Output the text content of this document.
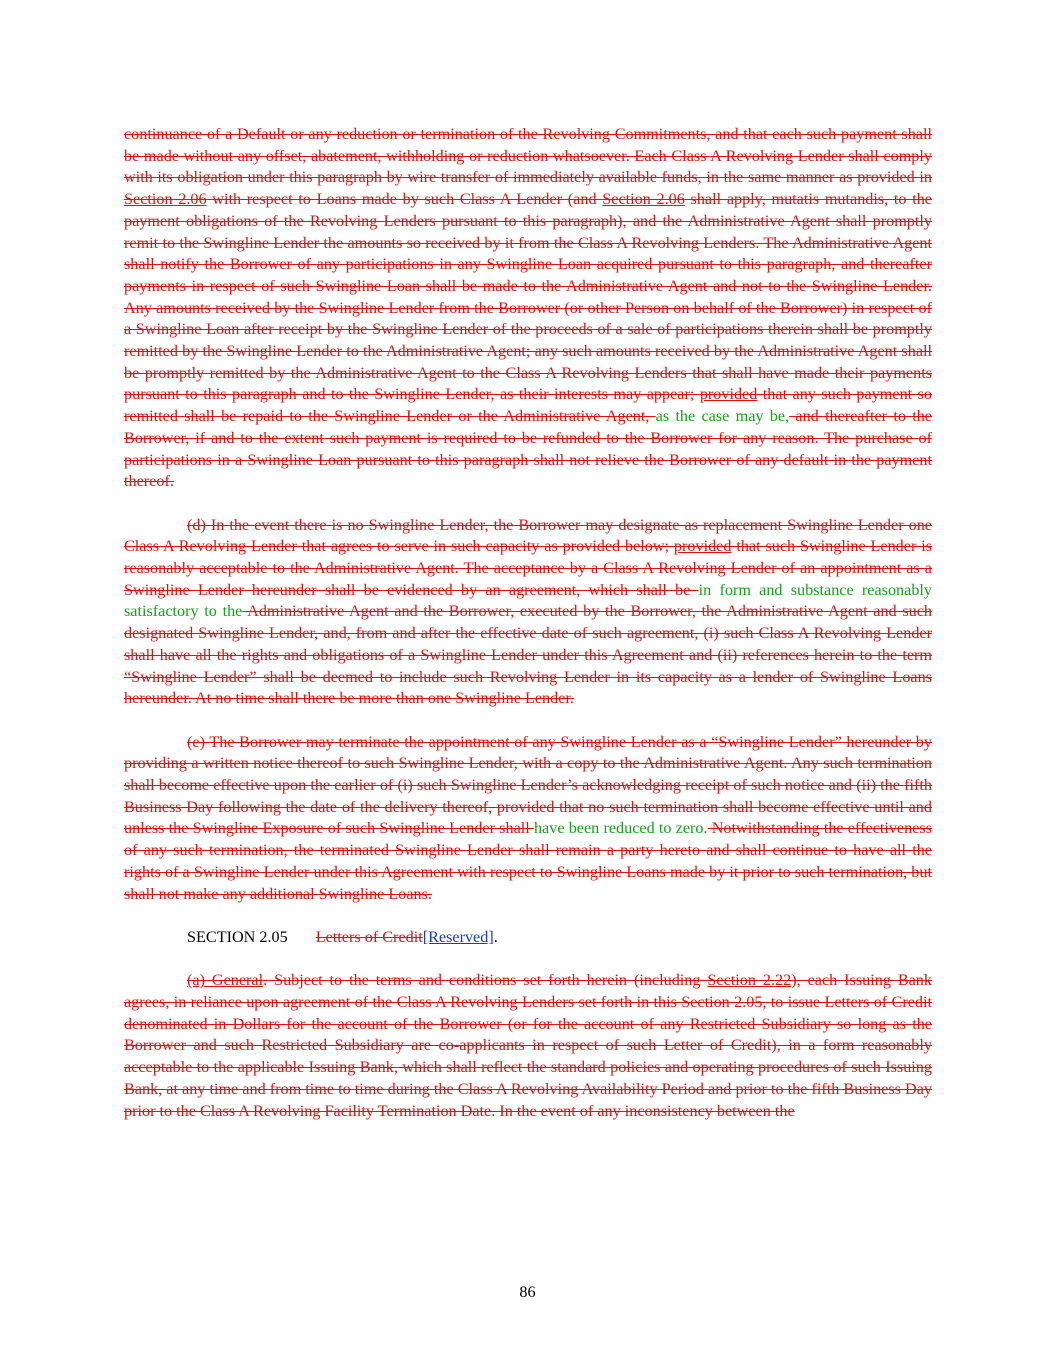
continuance of a Default or any reduction or termination of the Revolving Commitments, and that each such payment shall be made without any offset, abatement, withholding or reduction whatsoever. Each Class A Revolving Lender shall comply with its obligation under this paragraph by wire transfer of immediately available funds, in the same manner as provided in Section 2.06 with respect to Loans made by such Class A Lender (and Section 2.06 shall apply, mutatis mutandis, to the payment obligations of the Revolving Lenders pursuant to this paragraph), and the Administrative Agent shall promptly remit to the Swingline Lender the amounts so received by it from the Class A Revolving Lenders. The Administrative Agent shall notify the Borrower of any participations in any Swingline Loan acquired pursuant to this paragraph, and thereafter payments in respect of such Swingline Loan shall be made to the Administrative Agent and not to the Swingline Lender. Any amounts received by the Swingline Lender from the Borrower (or other Person on behalf of the Borrower) in respect of a Swingline Loan after receipt by the Swingline Lender of the proceeds of a sale of participations therein shall be promptly remitted by the Swingline Lender to the Administrative Agent; any such amounts received by the Administrative Agent shall be promptly remitted by the Administrative Agent to the Class A Revolving Lenders that shall have made their payments pursuant to this paragraph and to the Swingline Lender, as their interests may appear; provided that any such payment so remitted shall be repaid to the Swingline Lender or the Administrative Agent, as the case may be, and thereafter to the Borrower, if and to the extent such payment is required to be refunded to the Borrower for any reason. The purchase of participations in a Swingline Loan pursuant to this paragraph shall not relieve the Borrower of any default in the payment thereof.

(d) In the event there is no Swingline Lender, the Borrower may designate as replacement Swingline Lender one Class A Revolving Lender that agrees to serve in such capacity as provided below; provided that such Swingline Lender is reasonably acceptable to the Administrative Agent. The acceptance by a Class A Revolving Lender of an appointment as a Swingline Lender hereunder shall be evidenced by an agreement, which shall be in form and substance reasonably satisfactory to the Administrative Agent and the Borrower, executed by the Borrower, the Administrative Agent and such designated Swingline Lender, and, from and after the effective date of such agreement, (i) such Class A Revolving Lender shall have all the rights and obligations of a Swingline Lender under this Agreement and (ii) references herein to the term “Swingline Lender” shall be deemed to include such Revolving Lender in its capacity as a lender of Swingline Loans hereunder. At no time shall there be more than one Swingline Lender.

(e) The Borrower may terminate the appointment of any Swingline Lender as a “Swingline Lender” hereunder by providing a written notice thereof to such Swingline Lender, with a copy to the Administrative Agent. Any such termination shall become effective upon the earlier of (i) such Swingline Lender’s acknowledging receipt of such notice and (ii) the fifth Business Day following the date of the delivery thereof, provided that no such termination shall become effective until and unless the Swingline Exposure of such Swingline Lender shall have been reduced to zero. Notwithstanding the effectiveness of any such termination, the terminated Swingline Lender shall remain a party hereto and shall continue to have all the rights of a Swingline Lender under this Agreement with respect to Swingline Loans made by it prior to such termination, but shall not make any additional Swingline Loans.

SECTION 2.05 Letters of Credit[Reserved].

(a) General. Subject to the terms and conditions set forth herein (including Section 2.22), each Issuing Bank agrees, in reliance upon agreement of the Class A Revolving Lenders set forth in this Section 2.05, to issue Letters of Credit denominated in Dollars for the account of the Borrower (or for the account of any Restricted Subsidiary so long as the Borrower and such Restricted Subsidiary are co-applicants in respect of such Letter of Credit), in a form reasonably acceptable to the applicable Issuing Bank, which shall reflect the standard policies and operating procedures of such Issuing Bank, at any time and from time to time during the Class A Revolving Availability Period and prior to the fifth Business Day prior to the Class A Revolving Facility Termination Date. In the event of any inconsistency between the

86
